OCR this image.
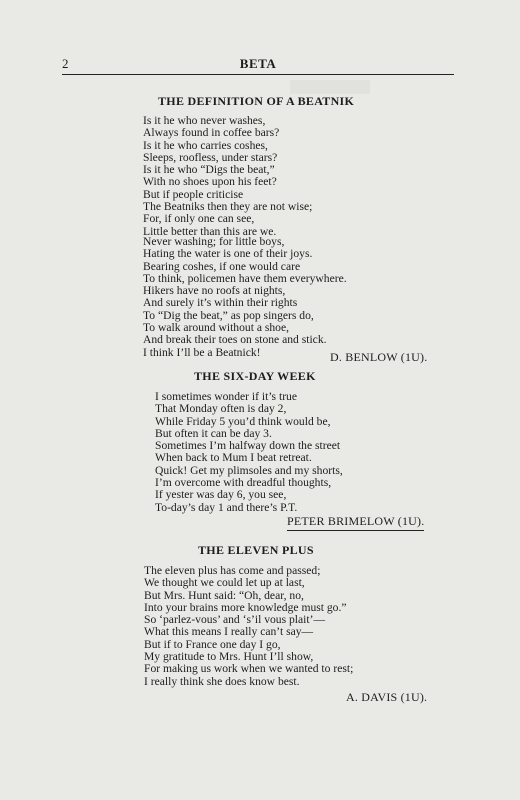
2	BETA
THE DEFINITION OF A BEATNIK
Is it he who never washes,
Always found in coffee bars?
Is it he who carries coshes,
Sleeps, roofless, under stars?
Is it he who “Digs the beat,”
With no shoes upon his feet?
But if people criticise
The Beatniks then they are not wise;
For, if only one can see,
Little better than this are we.
Never washing; for little boys,
Hating the water is one of their joys.
Bearing coshes, if one would care
To think, policemen have them everywhere.
Hikers have no roofs at nights,
And surely it’s within their rights
To “Dig the beat,” as pop singers do,
To walk around without a shoe,
And break their toes on stone and stick.
I think I’ll be a Beatnick!	D. BENLOW (1U).
THE SIX-DAY WEEK
I sometimes wonder if it’s true
That Monday often is day 2,
While Friday 5 you’d think would be,
But often it can be day 3.
Sometimes I’m halfway down the street
When back to Mum I beat retreat.
Quick! Get my plimsoles and my shorts,
I’m overcome with dreadful thoughts,
If yester was day 6, you see,
To-day’s day 1 and there’s P.T.
PETER BRIMELOW (1U).
THE ELEVEN PLUS
The eleven plus has come and passed;
We thought we could let up at last,
But Mrs. Hunt said: “Oh, dear, no,
Into your brains more knowledge must go.”
So ‘parlez-vous’ and ‘s’il vous plait’—
What this means I really can’t say—
But if to France one day I go,
My gratitude to Mrs. Hunt I’ll show,
For making us work when we wanted to rest;
I really think she does know best.
A. DAVIS (1U).
